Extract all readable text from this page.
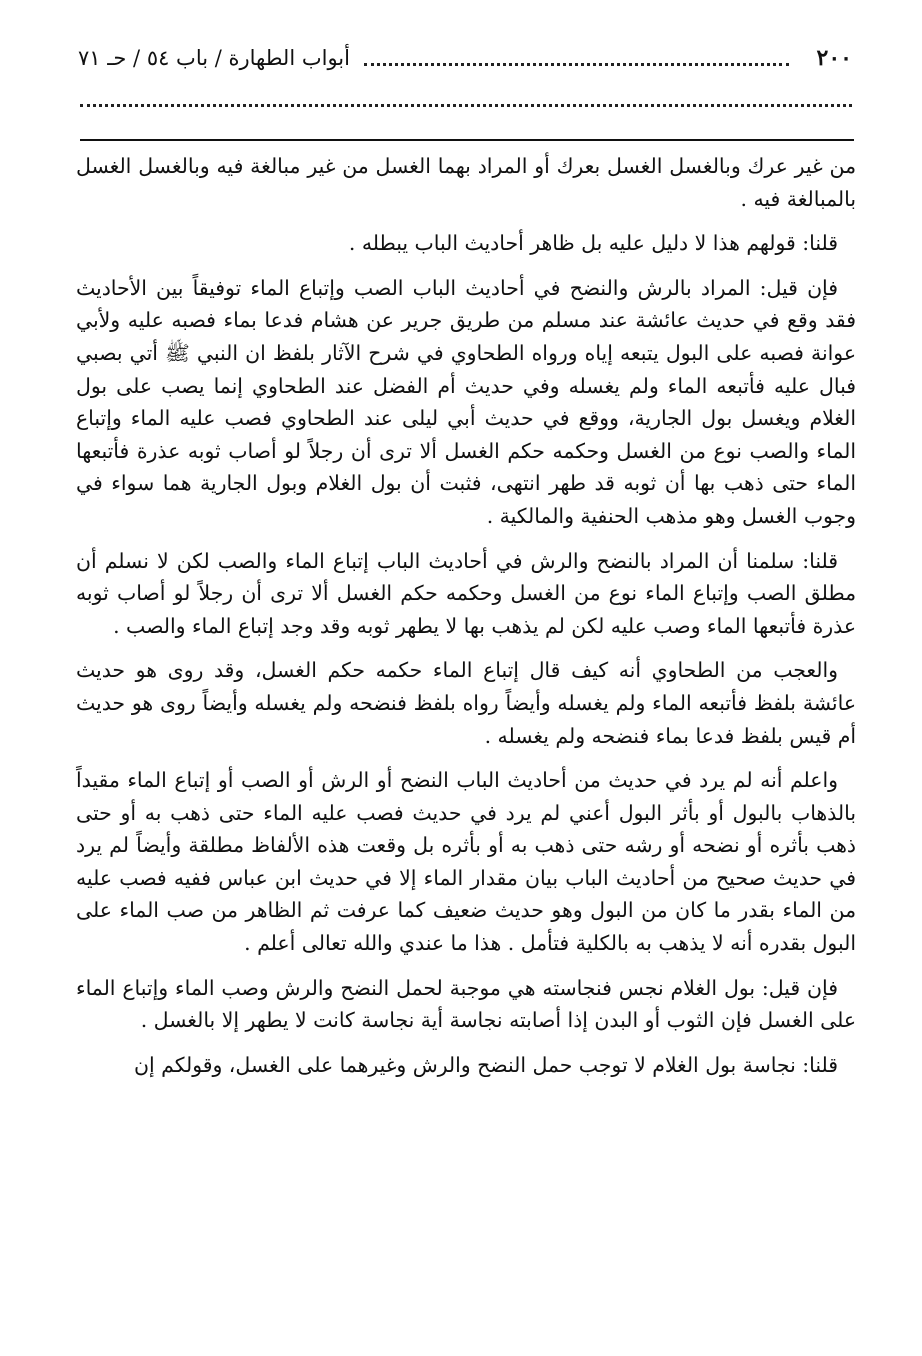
٢٠٠
أبواب الطهارة / باب ٥٤ / حـ ٧١

من غير عرك وبالغسل الغسل بعرك أو المراد بهما الغسل من غير مبالغة فيه وبالغسل الغسل بالمبالغة فيه .

قلنا: قولهم هذا لا دليل عليه بل ظاهر أحاديث الباب يبطله .

فإن قيل: المراد بالرش والنضح في أحاديث الباب الصب وإتباع الماء توفيقاً بين الأحاديث فقد وقع في حديث عائشة عند مسلم من طريق جرير عن هشام فدعا بماء فصبه عليه ولأبي عوانة فصبه على البول يتبعه إياه ورواه الطحاوي في شرح الآثار بلفظ ان النبي ﷺ أتي بصبي فبال عليه فأتبعه الماء ولم يغسله وفي حديث أم الفضل عند الطحاوي إنما يصب على بول الغلام ويغسل بول الجارية، ووقع في حديث أبي ليلى عند الطحاوي فصب عليه الماء وإتباع الماء والصب نوع من الغسل وحكمه حكم الغسل ألا ترى أن رجلاً لو أصاب ثوبه عذرة فأتبعها الماء حتى ذهب بها أن ثوبه قد طهر انتهى، فثبت أن بول الغلام وبول الجارية هما سواء في وجوب الغسل وهو مذهب الحنفية والمالكية .

قلنا: سلمنا أن المراد بالنضح والرش في أحاديث الباب إتباع الماء والصب لكن لا نسلم أن مطلق الصب وإتباع الماء نوع من الغسل وحكمه حكم الغسل ألا ترى أن رجلاً لو أصاب ثوبه عذرة فأتبعها الماء وصب عليه لكن لم يذهب بها لا يطهر ثوبه وقد وجد إتباع الماء والصب .

والعجب من الطحاوي أنه كيف قال إتباع الماء حكمه حكم الغسل، وقد روى هو حديث عائشة بلفظ فأتبعه الماء ولم يغسله وأيضاً رواه بلفظ فنضحه ولم يغسله وأيضاً روى هو حديث أم قيس بلفظ فدعا بماء فنضحه ولم يغسله .

واعلم أنه لم يرد في حديث من أحاديث الباب النضح أو الرش أو الصب أو إتباع الماء مقيداً بالذهاب بالبول أو بأثر البول أعني لم يرد في حديث فصب عليه الماء حتى ذهب به أو حتى ذهب بأثره أو نضحه أو رشه حتى ذهب به أو بأثره بل وقعت هذه الألفاظ مطلقة وأيضاً لم يرد في حديث صحيح من أحاديث الباب بيان مقدار الماء إلا في حديث ابن عباس ففيه فصب عليه من الماء بقدر ما كان من البول وهو حديث ضعيف كما عرفت ثم الظاهر من صب الماء على البول بقدره أنه لا يذهب به بالكلية فتأمل . هذا ما عندي والله تعالى أعلم .

فإن قيل: بول الغلام نجس فنجاسته هي موجبة لحمل النضح والرش وصب الماء وإتباع الماء على الغسل فإن الثوب أو البدن إذا أصابته نجاسة أية نجاسة كانت لا يطهر إلا بالغسل .

قلنا: نجاسة بول الغلام لا توجب حمل النضح والرش وغيرهما على الغسل، وقولكم إن
